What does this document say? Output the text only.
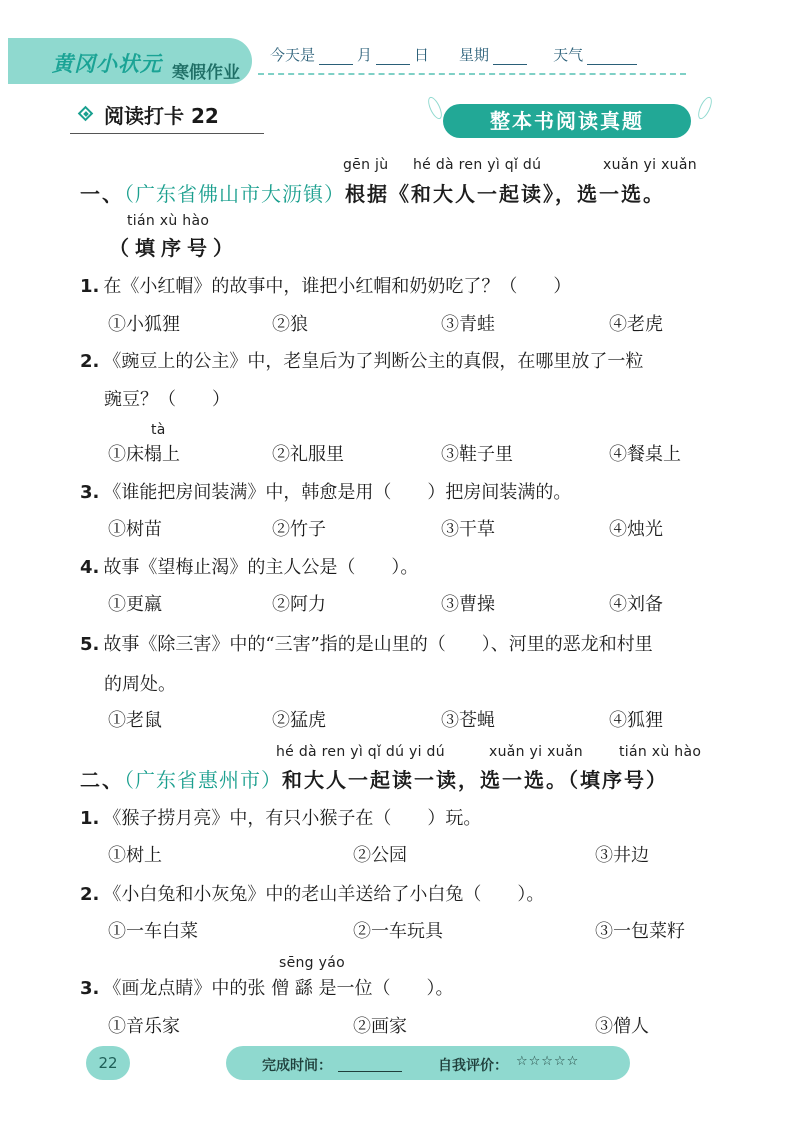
黄冈小状元 寒假作业
今天是	月	日 星期	天气
阅读打卡 22	整本书阅读真题
gēn jù hé dà ren yì qǐ dú	xuǎn yi xuǎn
一、（广东省佛山市大沥镇）根据《和大人一起读》，选一选。
tián xù hào
（填序号）
1. 在《小红帽》的故事中，谁把小红帽和奶奶吃了？（　　）
①小狐狸	②狼	③青蛙	④老虎
2. 《豌豆上的公主》中，老皇后为了判断公主的真假，在哪里放了一粒
豌豆？（　　）
tà
①床榻上	②礼服里	③鞋子里	④餐桌上
3. 《谁能把房间装满》中，韩愈是用（　　）把房间装满的。
①树苗	②竹子	③干草	④烛光
4. 故事《望梅止渴》的主人公是（　　）。
①更羸	②阿力	③曹操	④刘备
5. 故事《除三害》中的“三害”指的是山里的（　　）、河里的恶龙和村里
的周处。
①老鼠	②猛虎	③苍蝇	④狐狸
hé dà ren yì qǐ dú yi dú	xuǎn yi xuǎn	tián xù hào
二、（广东省惠州市）和大人一起读一读，选一选。（填序号）
1. 《猴子捞月亮》中，有只小猴子在（　　）玩。
①树上	②公园	③井边
2. 《小白兔和小灰兔》中的老山羊送给了小白兔（　　）。
①一车白菜	②一车玩具	③一包菜籽
sēng yáo
3. 《画龙点睛》中的张 僧 繇 是一位（　　）。
①音乐家	②画家	③僧人
22	完成时间：	自我评价： ☆☆☆☆☆
